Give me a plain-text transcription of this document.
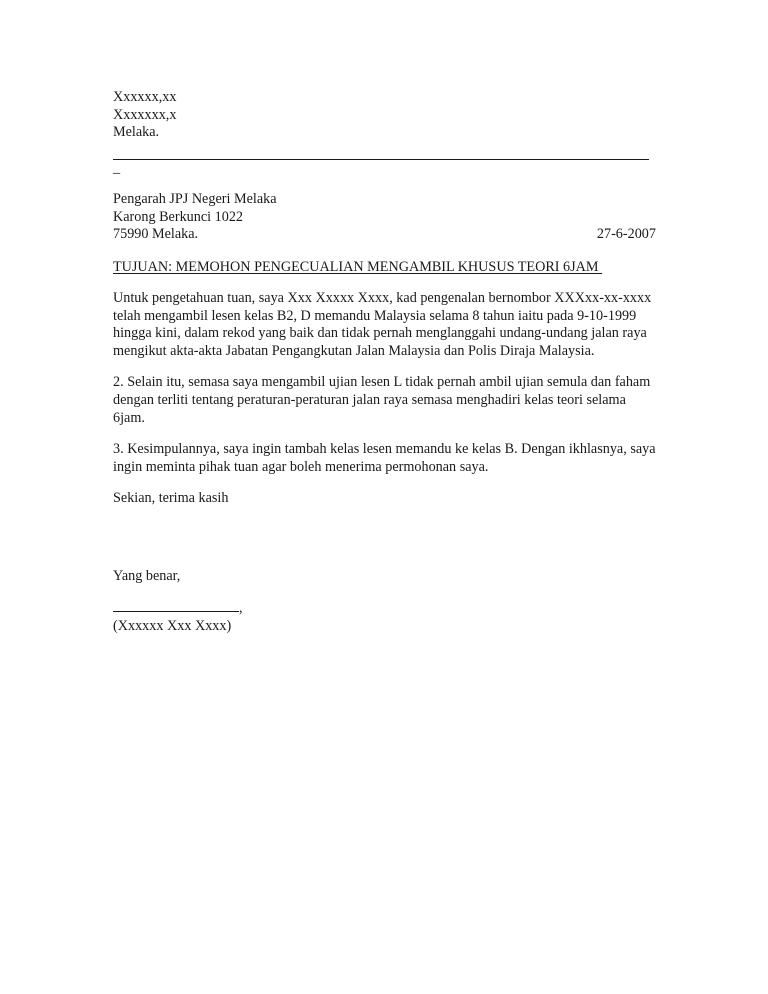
Xxxxxx,xx
Xxxxxxx,x
Melaka.
_
Pengarah JPJ Negeri Melaka
Karong Berkunci 1022
75990 Melaka.	27-6-2007
TUJUAN: MEMOHON PENGECUALIAN MENGAMBIL KHUSUS TEORI 6JAM
Untuk pengetahuan tuan, saya Xxx Xxxxx Xxxx, kad pengenalan bernombor XXXxx-xx-xxxx telah mengambil lesen kelas B2, D memandu Malaysia selama 8 tahun iaitu pada 9-10-1999 hingga kini, dalam rekod yang baik dan tidak pernah menglanggahi undang-undang jalan raya mengikut akta-akta Jabatan Pengangkutan Jalan Malaysia dan Polis Diraja Malaysia.
2. Selain itu, semasa saya mengambil ujian lesen L tidak pernah ambil ujian semula dan faham dengan terliti tentang peraturan-peraturan jalan raya semasa menghadiri kelas teori selama 6jam.
3. Kesimpulannya, saya ingin tambah kelas lesen memandu ke kelas B. Dengan ikhlasnya, saya ingin meminta pihak tuan agar boleh menerima permohonan saya.
Sekian, terima kasih
Yang benar,
,
(Xxxxxx Xxx Xxxx)
